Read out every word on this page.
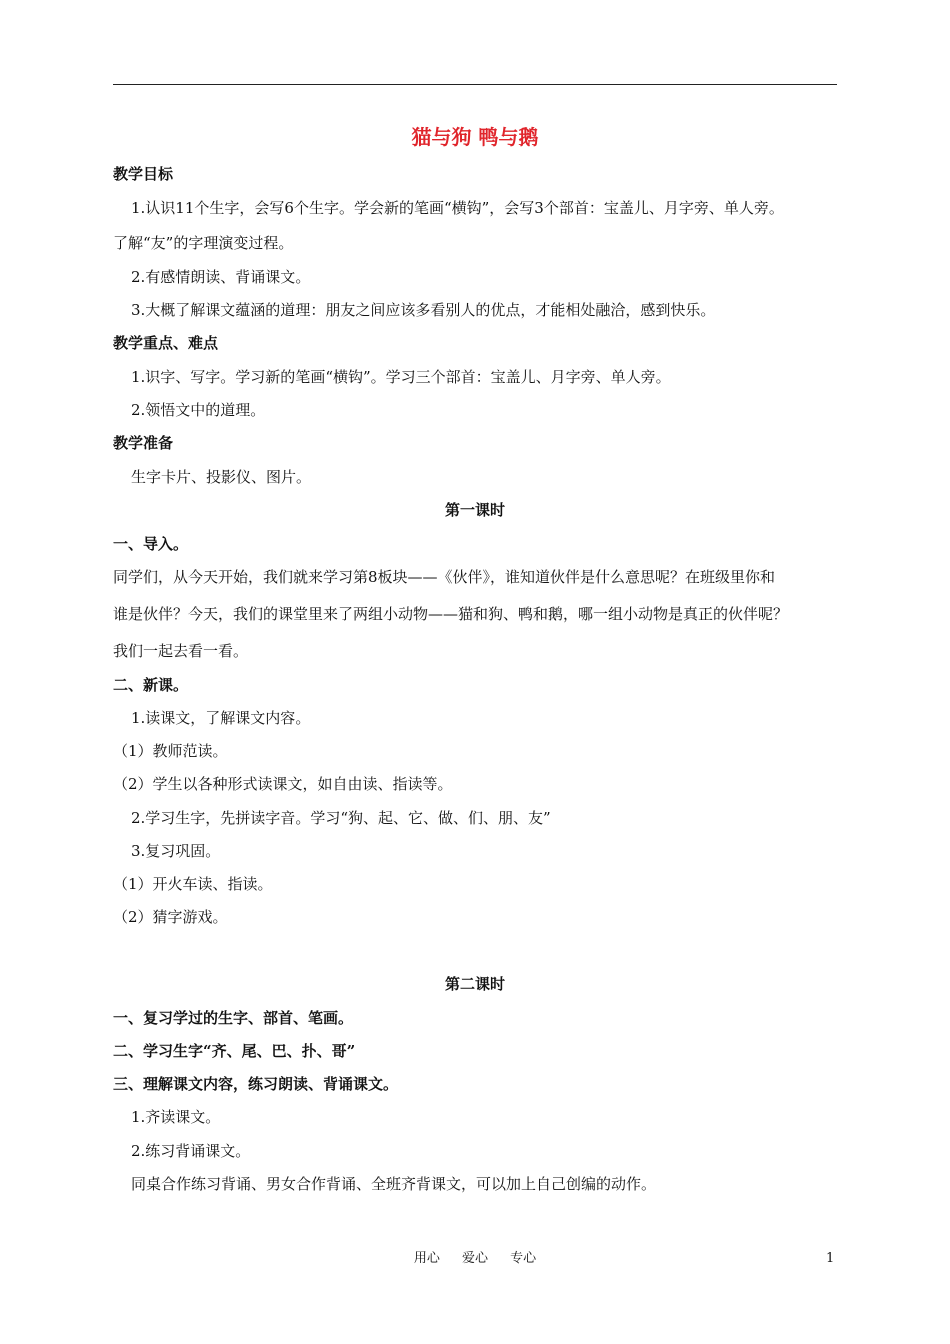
猫与狗 鸭与鹅
教学目标
1.认识11个生字，会写6个生字。学会新的笔画“横钩”，会写3个部首：宝盖儿、月字旁、单人旁。
了解“友”的字理演变过程。
2.有感情朗读、背诵课文。
3.大概了解课文蕴涵的道理：朋友之间应该多看别人的优点，才能相处融洽，感到快乐。
教学重点、难点
1.识字、写字。学习新的笔画“横钩”。学习三个部首：宝盖儿、月字旁、单人旁。
2.领悟文中的道理。
教学准备
生字卡片、投影仪、图片。
第一课时
一、导入。
同学们，从今天开始，我们就来学习第8板块——《伙伴》，谁知道伙伴是什么意思呢？在班级里你和
谁是伙伴？今天，我们的课堂里来了两组小动物——猫和狗、鸭和鹅，哪一组小动物是真正的伙伴呢？
我们一起去看一看。
二、新课。
1.读课文，了解课文内容。
（1）教师范读。
（2）学生以各种形式读课文，如自由读、指读等。
2.学习生字，先拼读字音。学习“狗、起、它、做、们、朋、友”
3.复习巩固。
（1）开火车读、指读。
（2）猜字游戏。
第二课时
一、复习学过的生字、部首、笔画。
二、学习生字“齐、尾、巴、扑、哥”
三、理解课文内容，练习朗读、背诵课文。
1.齐读课文。
2.练习背诵课文。
同桌合作练习背诵、男女合作背诵、全班齐背课文，可以加上自己创编的动作。
用心 爱心 专心	1
